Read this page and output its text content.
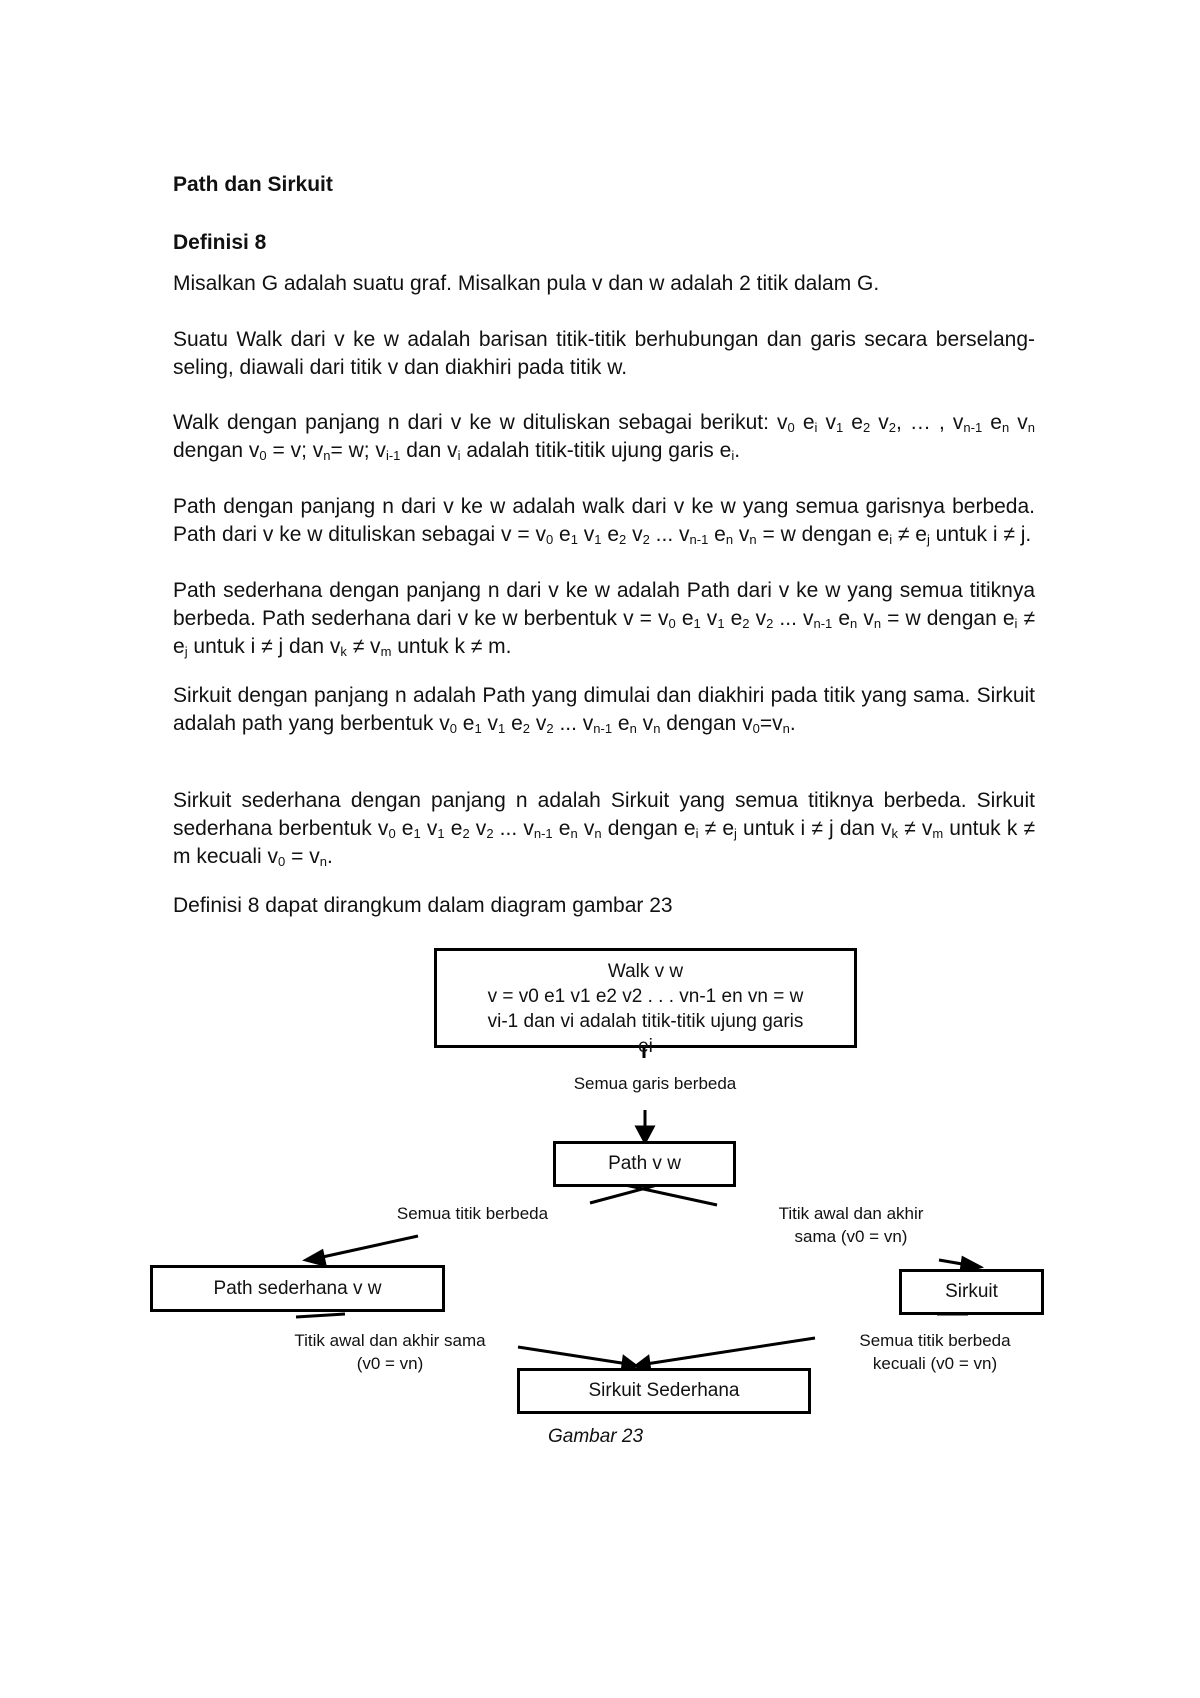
Path dan Sirkuit
Definisi 8

Misalkan G adalah suatu graf. Misalkan pula v dan w adalah 2 titik dalam G.

Suatu Walk dari v ke w adalah barisan titik-titik berhubungan dan garis secara berselang-seling, diawali dari titik v dan diakhiri pada titik w.

Walk dengan panjang n dari v ke w dituliskan sebagai berikut: $v_0$ $e_i$ $v_1$ $e_2$ $v_2$, … , $v_{n-1}$ $e_n$ $v_n$ dengan $v_0 = v$; $v_n= w$; $v_{i-1}$ dan $v_i$ adalah titik-titik ujung garis $e_i$.

Path dengan panjang n dari v ke w adalah walk dari v ke w yang semua garisnya berbeda. Path dari v ke w dituliskan sebagai $v = v_0$ $e_1$ $v_1$ $e_2$ $v_2$ ... $v_{n-1}$ $e_n$ $v_n = w$ dengan $e_i \ne e_j$ untuk i ≠ j.

Path sederhana dengan panjang n dari v ke w adalah Path dari v ke w yang semua titiknya berbeda. Path sederhana dari v ke w berbentuk $v = v_0$ $e_1$ $v_1$ $e_2$ $v_2$ ... $v_{n-1}$ $e_n$ $v_n = w$ dengan $e_i \ne e_j$ untuk i ≠ j dan $v_k \ne v_m$ untuk k ≠ m.

Sirkuit dengan panjang n adalah Path yang dimulai dan diakhiri pada titik yang sama. Sirkuit adalah path yang berbentuk $v_0$ $e_1$ $v_1$ $e_2$ $v_2$ ... $v_{n-1}$ $e_n$ $v_n$ dengan $v_0=v_n$.

Sirkuit sederhana dengan panjang n adalah Sirkuit yang semua titiknya berbeda. Sirkuit sederhana berbentuk $v_0$ $e_1$ $v_1$ $e_2$ $v_2$ ... $v_{n-1}$ $e_n$ $v_n$ dengan $e_i \ne e_j$ untuk i ≠ j dan $v_k \ne v_m$ untuk k ≠ m kecuali $v_0 = v_n$.

Definisi 8 dapat dirangkum dalam diagram gambar 23

Walk v w
v = v0 e1 v1 e2 v2 . . . vn-1 en vn = w
vi-1 dan vi adalah titik-titik ujung garis
ei
Semua garis berbeda
Path v w
Semua titik berbeda	Titik awal dan akhir
sama (v0 = vn)
Path sederhana v w	Sirkuit
Titik awal dan akhir sama
(v0 = vn)
Semua titik berbeda
kecuali (v0 = vn)
Sirkuit Sederhana
Gambar 23
